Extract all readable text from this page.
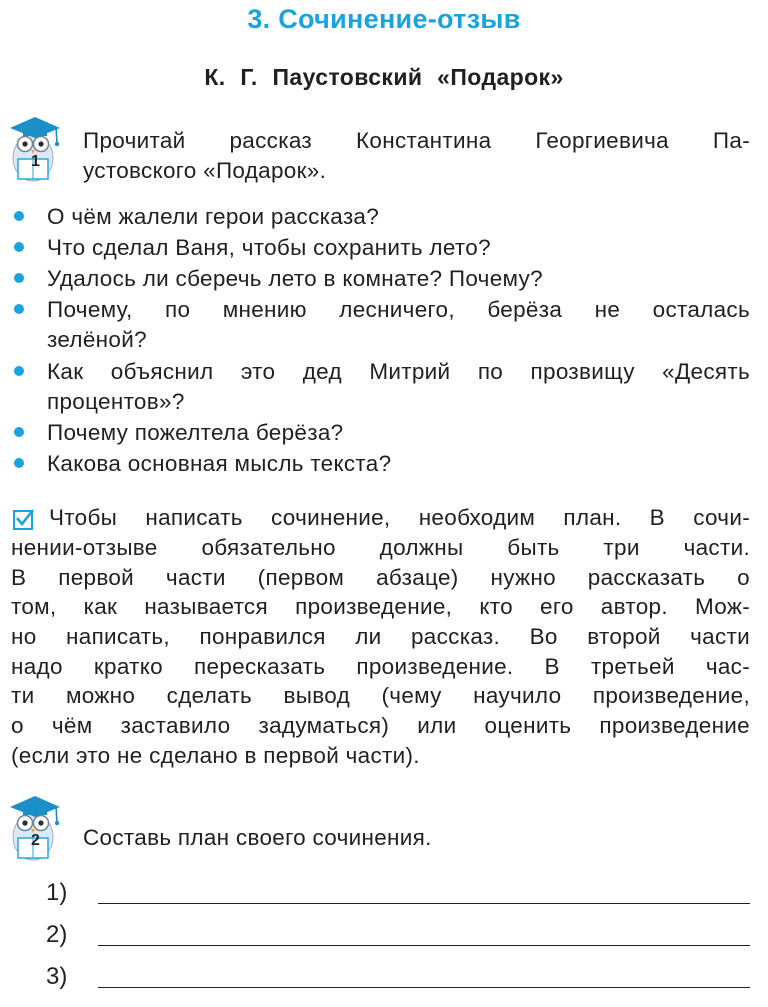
3. Сочинение-отзыв
К. Г. Паустовский «Подарок»
1
Прочитай рассказ Константина Георгиевича Па-
устовского «Подарок».
О чём жалели герои рассказа?
Что сделал Ваня, чтобы сохранить лето?
Удалось ли сберечь лето в комнате? Почему?
Почему, по мнению лесничего, берёза не осталась
зелёной?
Как объяснил это дед Митрий по прозвищу «Десять
процентов»?
Почему пожелтела берёза?
Какова основная мысль текста?
Чтобы написать сочинение, необходим план. В сочи-
нении-отзыве обязательно должны быть три части.
В первой части (первом абзаце) нужно рассказать о
том, как называется произведение, кто его автор. Мож-
но написать, понравился ли рассказ. Во второй части
надо кратко пересказать произведение. В третьей час-
ти можно сделать вывод (чему научило произведение,
о чём заставило задуматься) или оценить произведение
(если это не сделано в первой части).
2 Составь план своего сочинения.
1)
2)
3)
